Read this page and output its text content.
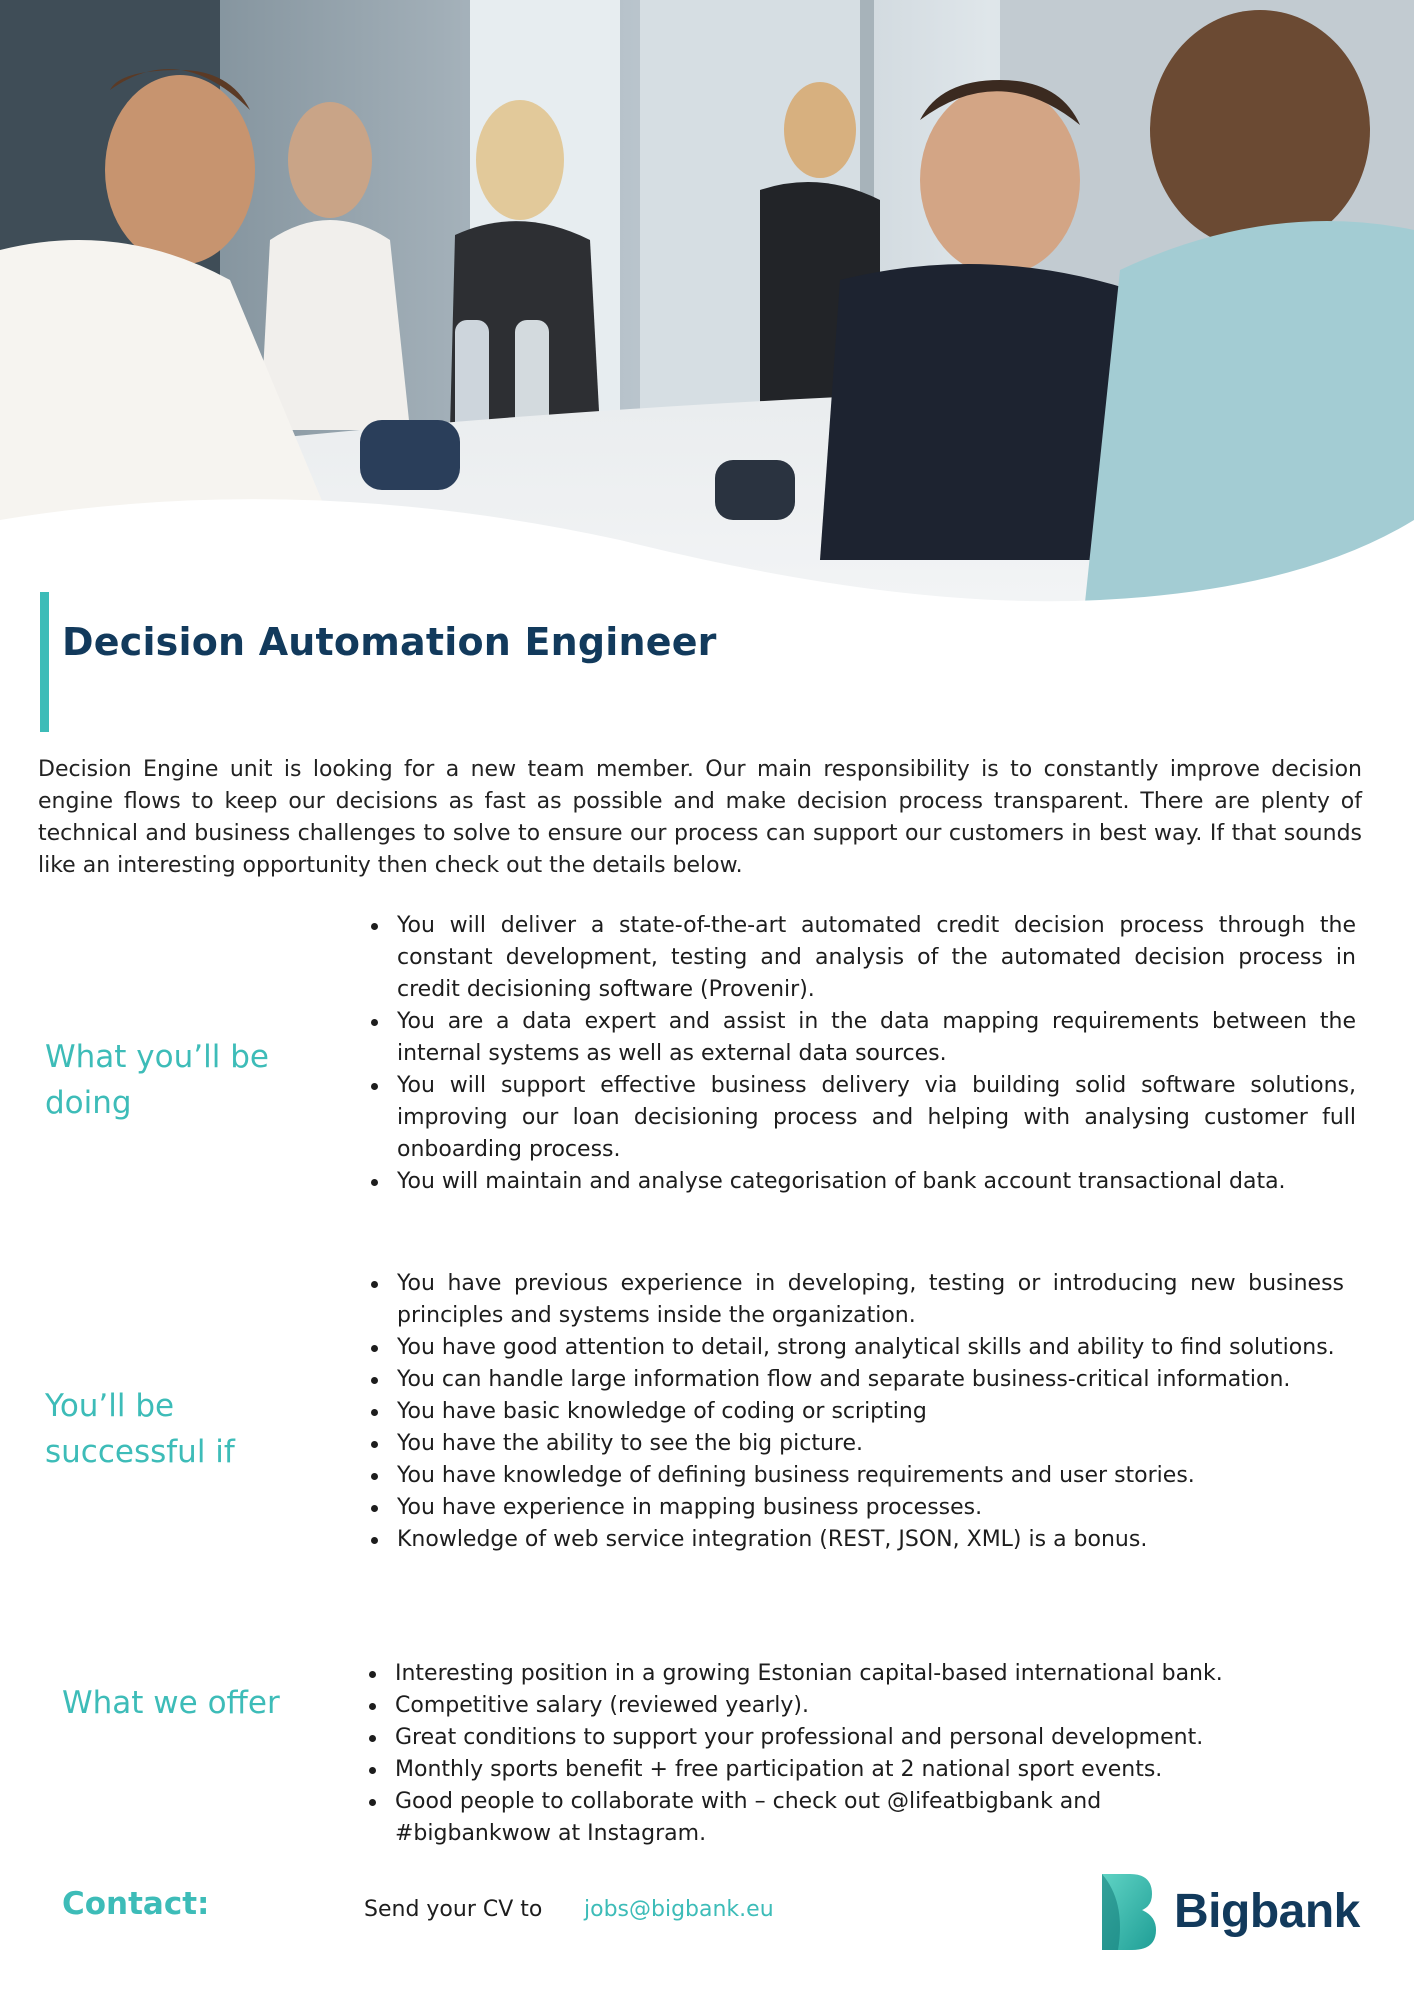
Decision Automation Engineer

Decision Engine unit is looking for a new team member. Our main responsibility is to constantly improve decision engine flows to keep our decisions as fast as possible and make decision process transparent. There are plenty of technical and business challenges to solve to ensure our process can support our customers in best way. If that sounds like an interesting opportunity then check out the details below.

What you’ll be doing
You will deliver a state-of-the-art automated credit decision process through the constant development, testing and analysis of the automated decision process in credit decisioning software (Provenir).
You are a data expert and assist in the data mapping requirements between the internal systems as well as external data sources.
You will support effective business delivery via building solid software solutions, improving our loan decisioning process and helping with analysing customer full onboarding process.
You will maintain and analyse categorisation of bank account transactional data.
You’ll be successful if
You have previous experience in developing, testing or introducing new business principles and systems inside the organization.
You have good attention to detail, strong analytical skills and ability to find solutions.
You can handle large information flow and separate business-critical information.
You have basic knowledge of coding or scripting
You have the ability to see the big picture.
You have knowledge of defining business requirements and user stories.
You have experience in mapping business processes.
Knowledge of web service integration (REST, JSON, XML) is a bonus.
What we offer
Interesting position in a growing Estonian capital-based international bank.
Competitive salary (reviewed yearly).
Great conditions to support your professional and personal development.
Monthly sports benefit + free participation at 2 national sport events.
Good people to collaborate with – check out @lifeatbigbank and #bigbankwow at Instagram.
Contact:	Send your CV to jobs@bigbank.eu	Bigbank
